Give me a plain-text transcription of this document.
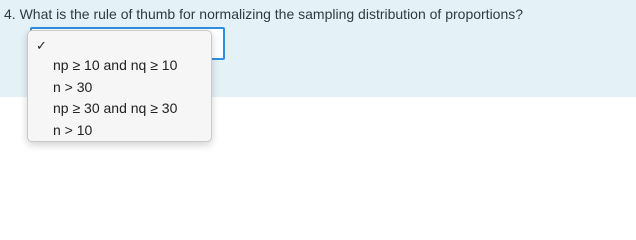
4. What is the rule of thumb for normalizing the sampling distribution of proportions?
✓
np ≥ 10 and nq ≥ 10
n > 30
np ≥ 30 and nq ≥ 30
n > 10
